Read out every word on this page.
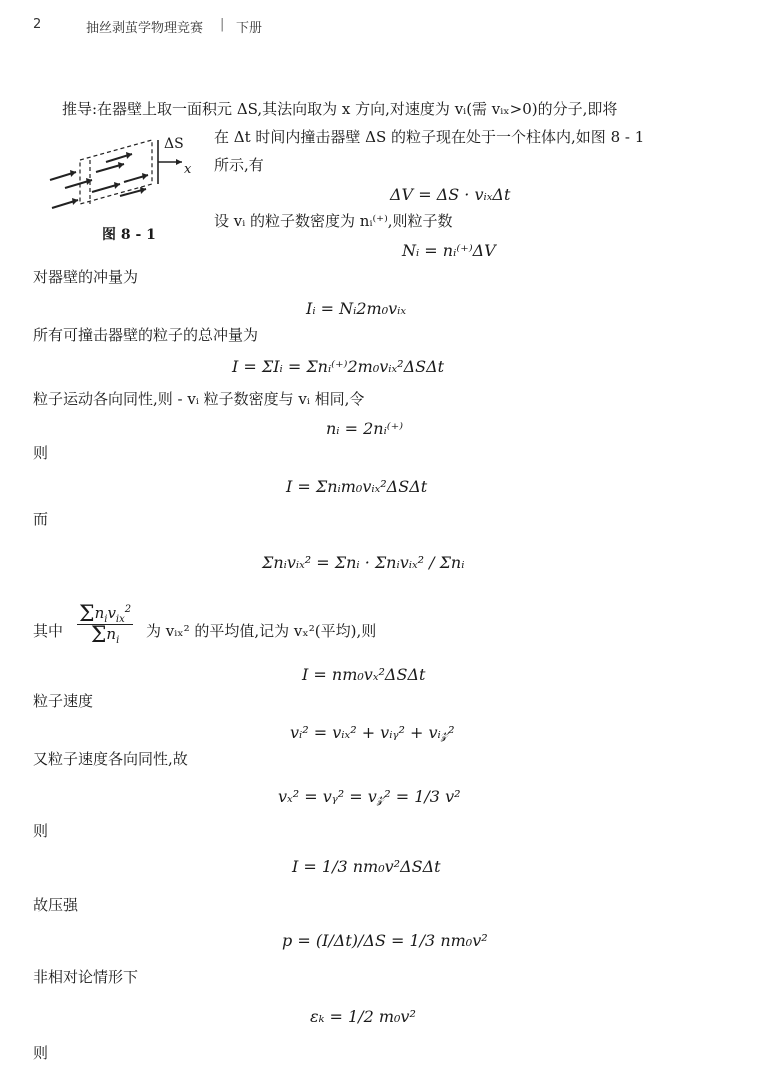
2	抽丝剥茧学物理竞赛 | 下册
推导:在器壁上取一面积元 ΔS,其法向取为 x 方向,对速度为 vᵢ(需 vᵢₓ>0)的分子,即将
在 Δt 时间内撞击器壁 ΔS 的粒子现在处于一个柱体内,如图 8 - 1
所示,有
ΔS
x
图 8 - 1
ΔV = ΔS · vᵢₓΔt
设 vᵢ 的粒子数密度为 nᵢ⁽⁺⁾,则粒子数
Nᵢ = nᵢ⁽⁺⁾ΔV
对器壁的冲量为
Iᵢ = Nᵢ2m₀vᵢₓ
所有可撞击器壁的粒子的总冲量为
I = ΣIᵢ = Σnᵢ⁽⁺⁾2m₀vᵢₓ²ΔSΔt
粒子运动各向同性,则 - vᵢ 粒子数密度与 vᵢ 相同,令
nᵢ = 2nᵢ⁽⁺⁾
则
I = Σnᵢm₀vᵢₓ²ΔSΔt
而
Σnᵢvᵢₓ² = Σnᵢ · Σnᵢvᵢₓ² / Σnᵢ
其中 $\frac{\Sigma n_iv_{ix}^2}{\Sigma n_i}$ 为 vᵢₓ² 的平均值,记为 vₓ²(平均),则
I = nm₀vₓ²ΔSΔt
粒子速度
vᵢ² = vᵢₓ² + vᵢᵧ² + vᵢ𝓏²
又粒子速度各向同性,故
vₓ² = vᵧ² = v𝓏² = 1/3 v²
则
I = 1/3 nm₀v²ΔSΔt
故压强
p = (I/Δt)/ΔS = 1/3 nm₀v²
非相对论情形下
εₖ = 1/2 m₀v²
则
